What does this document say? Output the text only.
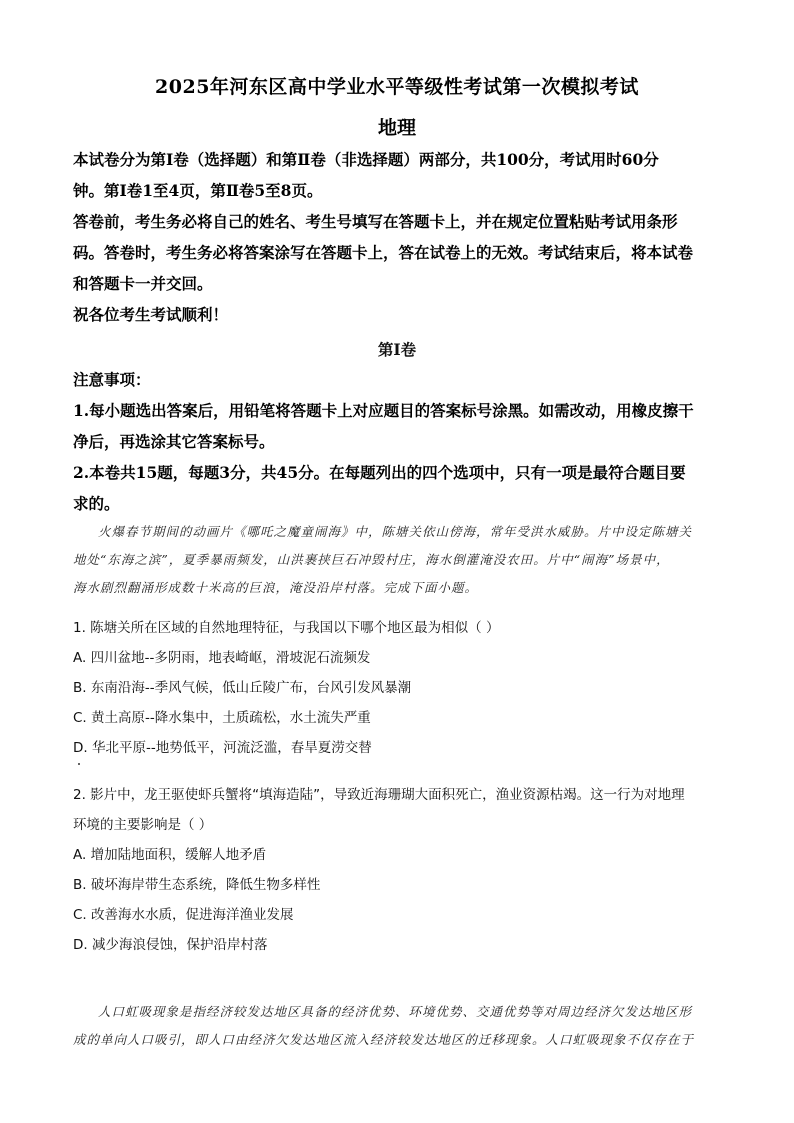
2025年河东区高中学业水平等级性考试第一次模拟考试
地理
本试卷分为第Ⅰ卷（选择题）和第Ⅱ卷（非选择题）两部分，共100分，考试用时60分
钟。第Ⅰ卷1至4页，第Ⅱ卷5至8页。
答卷前，考生务必将自己的姓名、考生号填写在答题卡上，并在规定位置粘贴考试用条形
码。答卷时，考生务必将答案涂写在答题卡上，答在试卷上的无效。考试结束后，将本试卷
和答题卡一并交回。
祝各位考生考试顺利！
第Ⅰ卷
注意事项：
1.每小题选出答案后，用铅笔将答题卡上对应题目的答案标号涂黑。如需改动，用橡皮擦干
净后，再选涂其它答案标号。
2.本卷共15题，每题3分，共45分。在每题列出的四个选项中，只有一项是最符合题目要
求的。
火爆春节期间的动画片《哪吒之魔童闹海》中，陈塘关依山傍海，常年受洪水威胁。片中设定陈塘关
地处“东海之滨”，夏季暴雨频发，山洪裹挟巨石冲毁村庄，海水倒灌淹没农田。片中“闹海”场景中，
海水剧烈翻涌形成数十米高的巨浪，淹没沿岸村落。完成下面小题。
1. 陈塘关所在区域的自然地理特征，与我国以下哪个地区最为相似（ ）
A. 四川盆地--多阴雨，地表崎岖，滑坡泥石流频发
B. 东南沿海--季风气候，低山丘陵广布，台风引发风暴潮
C. 黄土高原--降水集中，土质疏松，水土流失严重
D. 华北平原--地势低平，河流泛滥，春旱夏涝交替
2. 影片中，龙王驱使虾兵蟹将“填海造陆”，导致近海珊瑚大面积死亡，渔业资源枯竭。这一行为对地理
环境的主要影响是（ ）
A. 增加陆地面积，缓解人地矛盾
B. 破坏海岸带生态系统，降低生物多样性
C. 改善海水水质，促进海洋渔业发展
D. 减少海浪侵蚀，保护沿岸村落
人口虹吸现象是指经济较发达地区具备的经济优势、环境优势、交通优势等对周边经济欠发达地区形
成的单向人口吸引，即人口由经济欠发达地区流入经济较发达地区的迁移现象。人口虹吸现象不仅存在于
